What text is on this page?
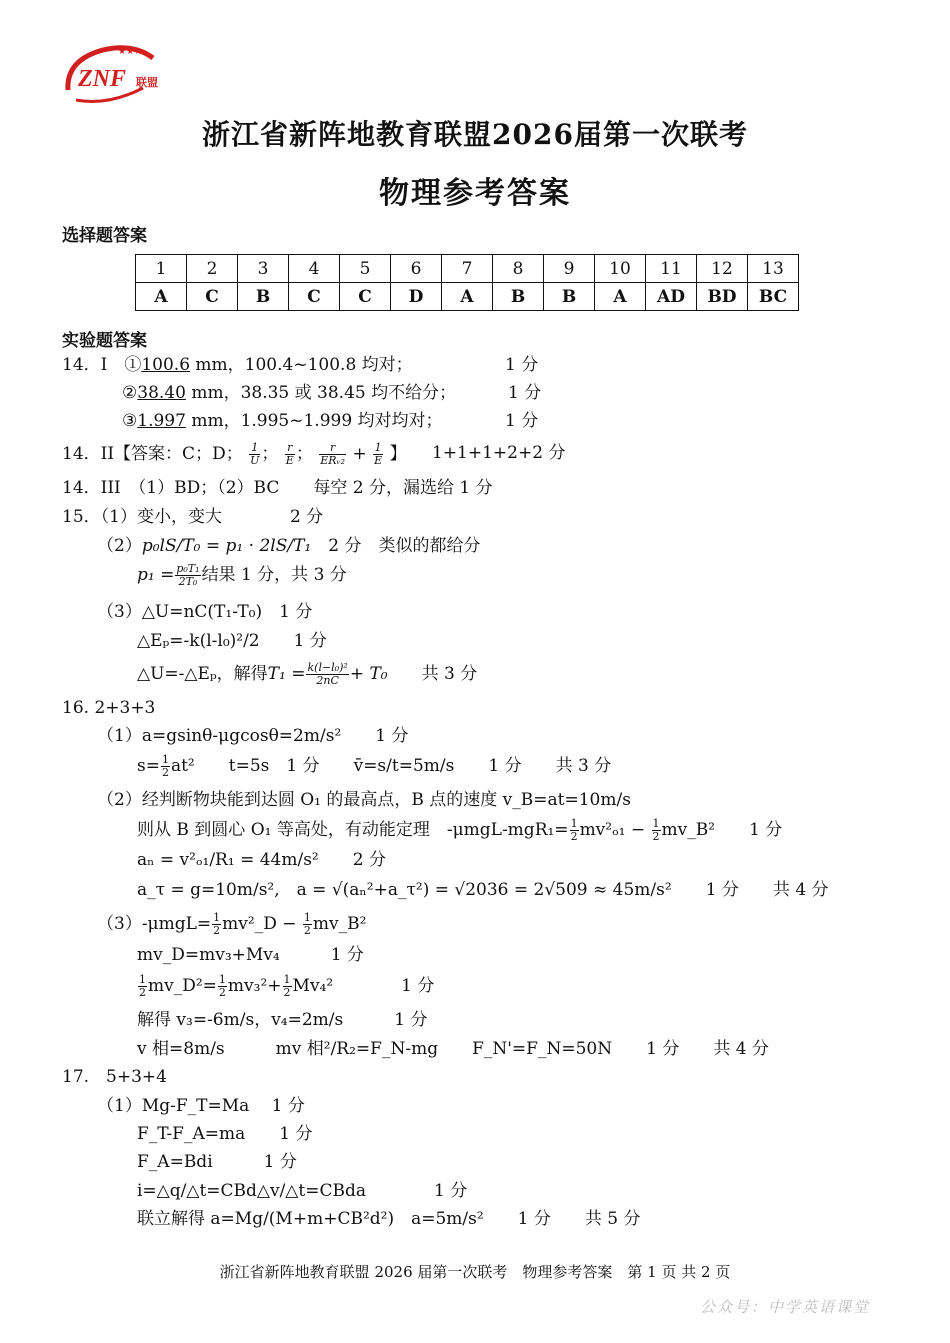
★★★
ZNF 联盟
浙江省新阵地教育联盟2026届第一次联考
物理参考答案
选择题答案
1	2	3	4	5	6	7	8	9	10	11	12	13
A	C	B	C	C	D	A	B	B	A	AD	BD	BC
实验题答案
14．I　①100.6 mm，100.4~100.8 均对；	1 分
②38.40 mm，38.35 或 38.45 均不给分；	1 分
③1.997 mm，1.995~1.999 均对均对；	1 分
14．II【答案：C；D； $\frac{1}{U}$ ； $\frac{r}{E}$ ； $\frac{r}{\text{ERᵥ₂}} + \frac{1}{E}$ 】 1+1+1+2+2 分
14．III　（1）BD；（2）BC　　每空 2 分，漏选给 1 分
15．（1）变小，变大　　　　2 分
（2）p₀lS/T₀ = p₁ · 2lS/T₁　 2 分　类似的都给分
$p_1 = \frac{\text{p₀T₁}}{\text{2T₀}}$ 结果 1 分，共 3 分
（3）△U=nC(T₁-T₀)　1 分
△Eₚ=-k(l-l₀)²/2　　1 分
△U=-△Eₚ，解得$T_1 = \frac{\text{k(l−l₀)²}}{2nC} + T_0$　　 共 3 分
16. 2+3+3
（1）a=gsinθ-μgcosθ=2m/s²　　1 分
$s= \frac{1}{2} at^2$　　t=5s　1 分　　v̄=s/t=5m/s　　1 分　　共 3 分
（2）经判断物块能到达圆 O₁ 的最高点，B 点的速度 v_B=at=10m/s
则从 B 到圆心 O₁ 等高处，有动能定理　$-\mu mgL-mgR_1= \frac{1}{2} mv^2_{o1} - \frac{1}{2}$ mv_B²　　1 分
aₙ = v²ₒ₁/R₁ = 44m/s²　　2 分
a_τ = g=10m/s²,　a = √(aₙ²+a_τ²) = √2036 = 2√509 ≈ 45m/s²　　1 分　　共 4 分
$(3)-\mu mgL= \frac{1}{2}$ mv²_D − $\frac{1}{2}$ mv_B²
mv_D=mv₃+Mv₄　　　1 分
$\frac{1}{2}$ mv_D²= $\frac{1}{2} mv_3^2+ \frac{1}{2} Mv_4^2$　　　　1 分
解得 v₃=-6m/s，v₄=2m/s　　　1 分
v 相=8m/s　　　mv 相²/R₂=F_N-mg　　F_N'=F_N=50N　　1 分　　共 4 分
17.　5+3+4
（1）Mg-F_T=Ma　 1 分
F_T-F_A=ma　　1 分
F_A=Bdi　　　1 分
i=△q/△t=CBd△v/△t=CBda　　　　1 分
联立解得 a=Mg/(M+m+CB²d²)　a=5m/s²　　1 分　　共 5 分
浙江省新阵地教育联盟 2026 届第一次联考　物理参考答案　第 1 页 共 2 页
公众号：中学英语课堂
